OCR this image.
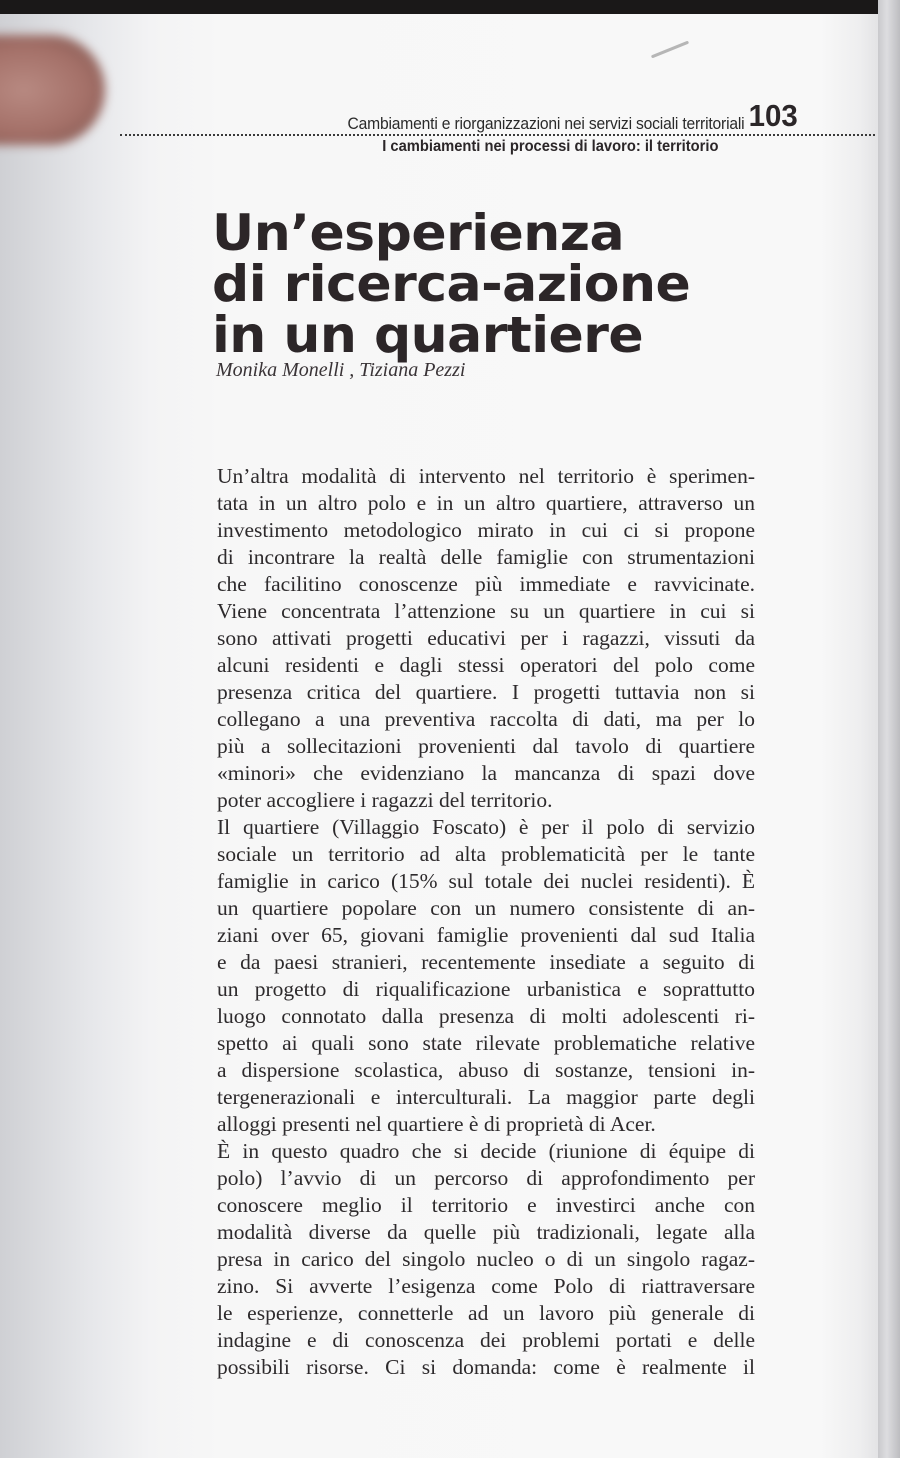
Cambiamenti e riorganizzazioni nei servizi sociali territoriali 103
I cambiamenti nei processi di lavoro: il territorio
Un’esperienza
di ricerca-azione
in un quartiere
Monika Monelli , Tiziana Pezzi
Un’altra modalità di intervento nel territorio è sperimen-
tata in un altro polo e in un altro quartiere, attraverso un
investimento metodologico mirato in cui ci si propone
di incontrare la realtà delle famiglie con strumentazioni
che facilitino conoscenze più immediate e ravvicinate.
Viene concentrata l’attenzione su un quartiere in cui si
sono attivati progetti educativi per i ragazzi, vissuti da
alcuni residenti e dagli stessi operatori del polo come
presenza critica del quartiere. I progetti tuttavia non si
collegano a una preventiva raccolta di dati, ma per lo
più a sollecitazioni provenienti dal tavolo di quartiere
«minori» che evidenziano la mancanza di spazi dove
poter accogliere i ragazzi del territorio.
Il quartiere (Villaggio Foscato) è per il polo di servizio
sociale un territorio ad alta problematicità per le tante
famiglie in carico (15% sul totale dei nuclei residenti). È
un quartiere popolare con un numero consistente di an-
ziani over 65, giovani famiglie provenienti dal sud Italia
e da paesi stranieri, recentemente insediate a seguito di
un progetto di riqualificazione urbanistica e soprattutto
luogo connotato dalla presenza di molti adolescenti ri-
spetto ai quali sono state rilevate problematiche relative
a dispersione scolastica, abuso di sostanze, tensioni in-
tergenerazionali e interculturali. La maggior parte degli
alloggi presenti nel quartiere è di proprietà di Acer.
È in questo quadro che si decide (riunione di équipe di
polo) l’avvio di un percorso di approfondimento per
conoscere meglio il territorio e investirci anche con
modalità diverse da quelle più tradizionali, legate alla
presa in carico del singolo nucleo o di un singolo ragaz-
zino. Si avverte l’esigenza come Polo di riattraversare
le esperienze, connetterle ad un lavoro più generale di
indagine e di conoscenza dei problemi portati e delle
possibili risorse. Ci si domanda: come è realmente il
